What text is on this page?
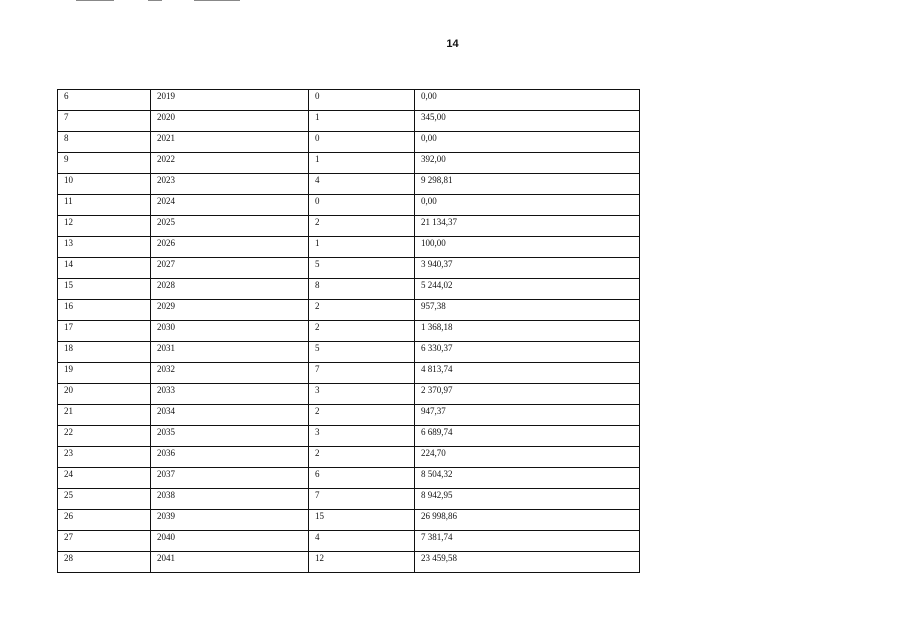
14
6	2019	0	0,00
7	2020	1	345,00
8	2021	0	0,00
9	2022	1	392,00
10	2023	4	9 298,81
11	2024	0	0,00
12	2025	2	21 134,37
13	2026	1	100,00
14	2027	5	3 940,37
15	2028	8	5 244,02
16	2029	2	957,38
17	2030	2	1 368,18
18	2031	5	6 330,37
19	2032	7	4 813,74
20	2033	3	2 370,97
21	2034	2	947,37
22	2035	3	6 689,74
23	2036	2	224,70
24	2037	6	8 504,32
25	2038	7	8 942,95
26	2039	15	26 998,86
27	2040	4	7 381,74
28	2041	12	23 459,58
